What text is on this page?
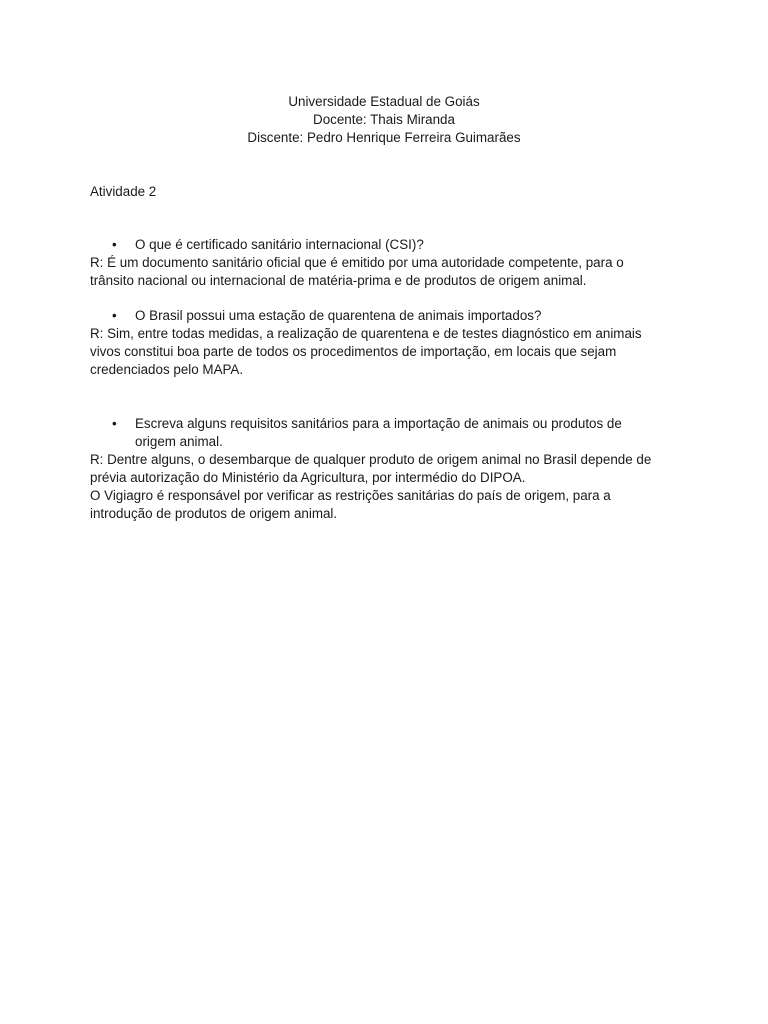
Universidade Estadual de Goiás
Docente: Thais Miranda
Discente: Pedro Henrique Ferreira Guimarães
Atividade 2
• O que é certificado sanitário internacional (CSI)?

R: É um documento sanitário oficial que é emitido por uma autoridade competente, para o

trânsito nacional ou internacional de matéria-prima e de produtos de origem animal.

• O Brasil possui uma estação de quarentena de animais importados?

R: Sim, entre todas medidas, a realização de quarentena e de testes diagnóstico em animais

vivos constitui boa parte de todos os procedimentos de importação, em locais que sejam

credenciados pelo MAPA.

• Escreva alguns requisitos sanitários para a importação de animais ou produtos de
origem animal.

R: Dentre alguns, o desembarque de qualquer produto de origem animal no Brasil depende de

prévia autorização do Ministério da Agricultura, por intermédio do DIPOA.

O Vigiagro é responsável por verificar as restrições sanitárias do país de origem, para a

introdução de produtos de origem animal.
